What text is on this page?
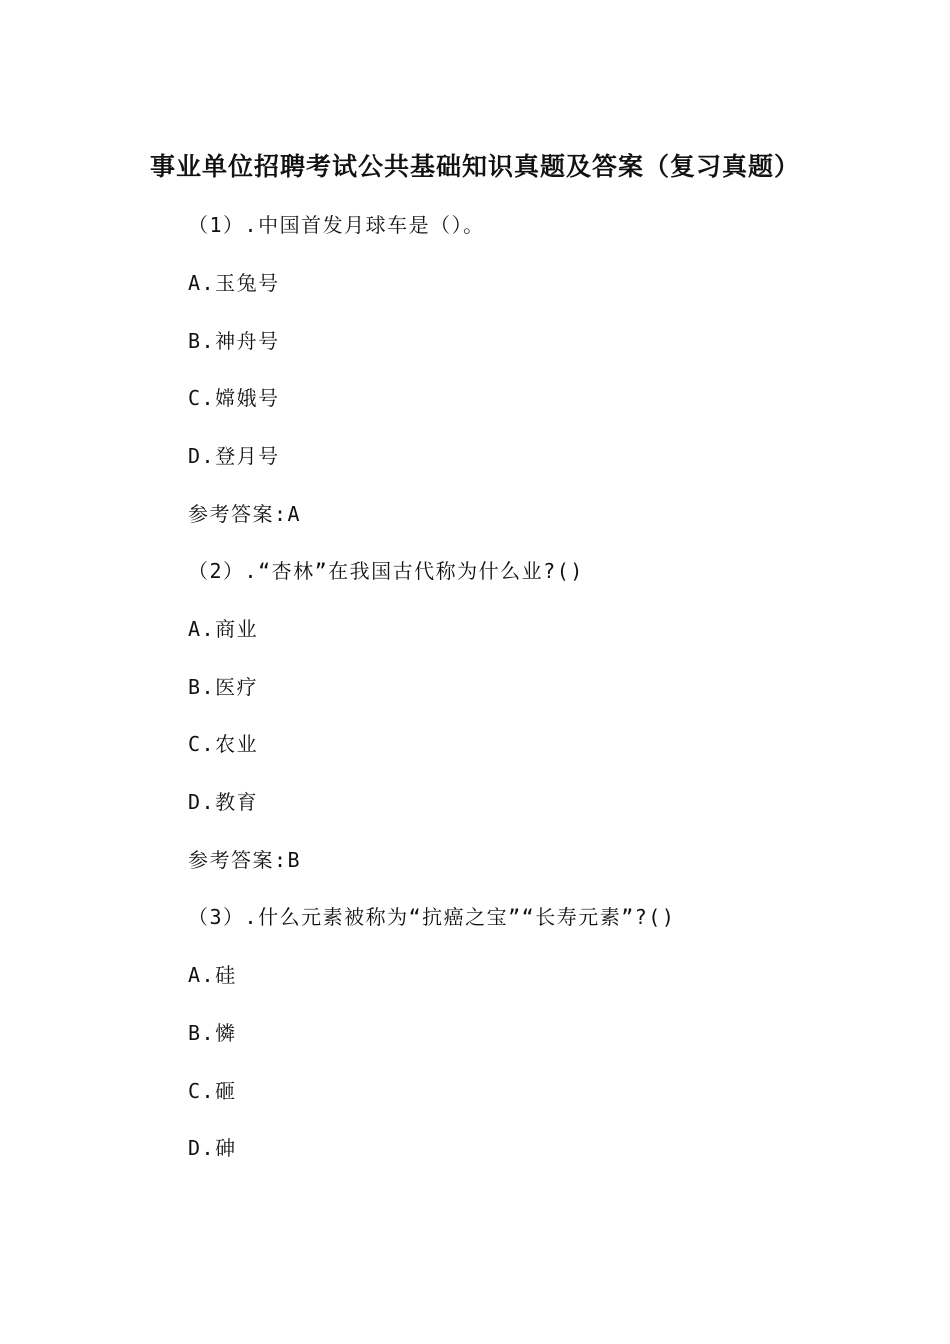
事业单位招聘考试公共基础知识真题及答案（复习真题）
（1）.中国首发月球车是（）。
A.玉兔号
B.神舟号
C.嫦娥号
D.登月号
参考答案:A
（2）.“杏林”在我国古代称为什么业?()
A.商业
B.医疗
C.农业
D.教育
参考答案:B
（3）.什么元素被称为“抗癌之宝”“长寿元素”?()
A.硅
B.憐
C.砸
D.砷
